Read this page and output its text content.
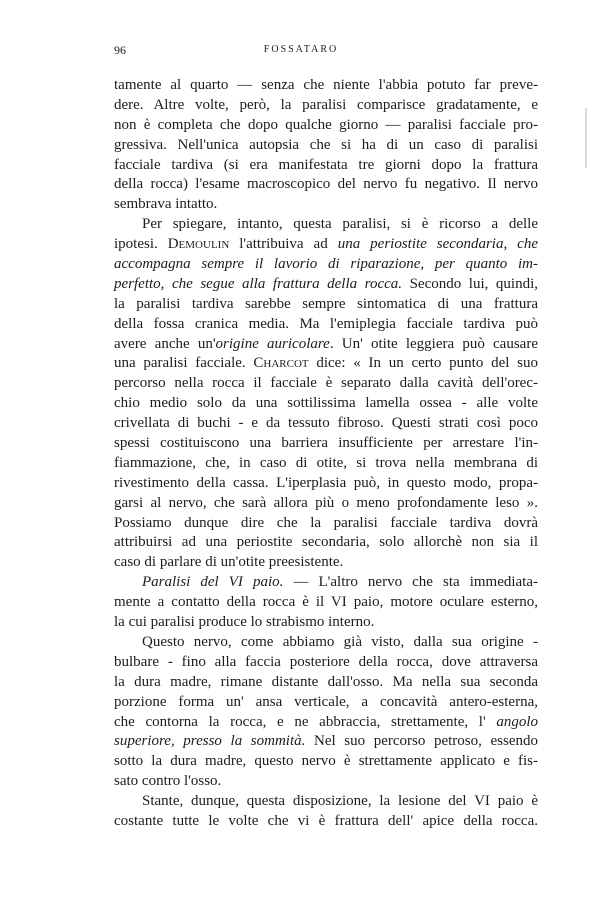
96	FOSSATARO
tamente al quarto — senza che niente l'abbia potuto far preve-
dere. Altre volte, però, la paralisi comparisce gradatamente, e
non è completa che dopo qualche giorno — paralisi facciale pro-
gressiva. Nell'unica autopsia che si ha di un caso di paralisi
facciale tardiva (si era manifestata tre giorni dopo la frattura
della rocca) l'esame macroscopico del nervo fu negativo. Il nervo
sembrava intatto.
Per spiegare, intanto, questa paralisi, si è ricorso a delle
ipotesi. Demoulin l'attribuiva ad una periostite secondaria, che
accompagna sempre il lavorio di riparazione, per quanto im-
perfetto, che segue alla frattura della rocca. Secondo lui, quindi,
la paralisi tardiva sarebbe sempre sintomatica di una frattura
della fossa cranica media. Ma l'emiplegia facciale tardiva può
avere anche un'origine auricolare. Un' otite leggiera può causare
una paralisi facciale. Charcot dice: « In un certo punto del suo
percorso nella rocca il facciale è separato dalla cavità dell'orec-
chio medio solo da una sottilissima lamella ossea - alle volte
crivellata di buchi - e da tessuto fibroso. Questi strati così poco
spessi costituiscono una barriera insufficiente per arrestare l'in-
fiammazione, che, in caso di otite, si trova nella membrana di
rivestimento della cassa. L'iperplasia può, in questo modo, propa-
garsi al nervo, che sarà allora più o meno profondamente leso ».
Possiamo dunque dire che la paralisi facciale tardiva dovrà
attribuirsi ad una periostite secondaria, solo allorchè non sia il
caso di parlare di un'otite preesistente.
Paralisi del VI paio. — L'altro nervo che sta immediata-
mente a contatto della rocca è il VI paio, motore oculare esterno,
la cui paralisi produce lo strabismo interno.
Questo nervo, come abbiamo già visto, dalla sua origine -
bulbare - fino alla faccia posteriore della rocca, dove attraversa
la dura madre, rimane distante dall'osso. Ma nella sua seconda
porzione forma un' ansa verticale, a concavità antero-esterna,
che contorna la rocca, e ne abbraccia, strettamente, l' angolo
superiore, presso la sommità. Nel suo percorso petroso, essendo
sotto la dura madre, questo nervo è strettamente applicato e fis-
sato contro l'osso.
Stante, dunque, questa disposizione, la lesione del VI paio è
costante tutte le volte che vi è frattura dell' apice della rocca.
